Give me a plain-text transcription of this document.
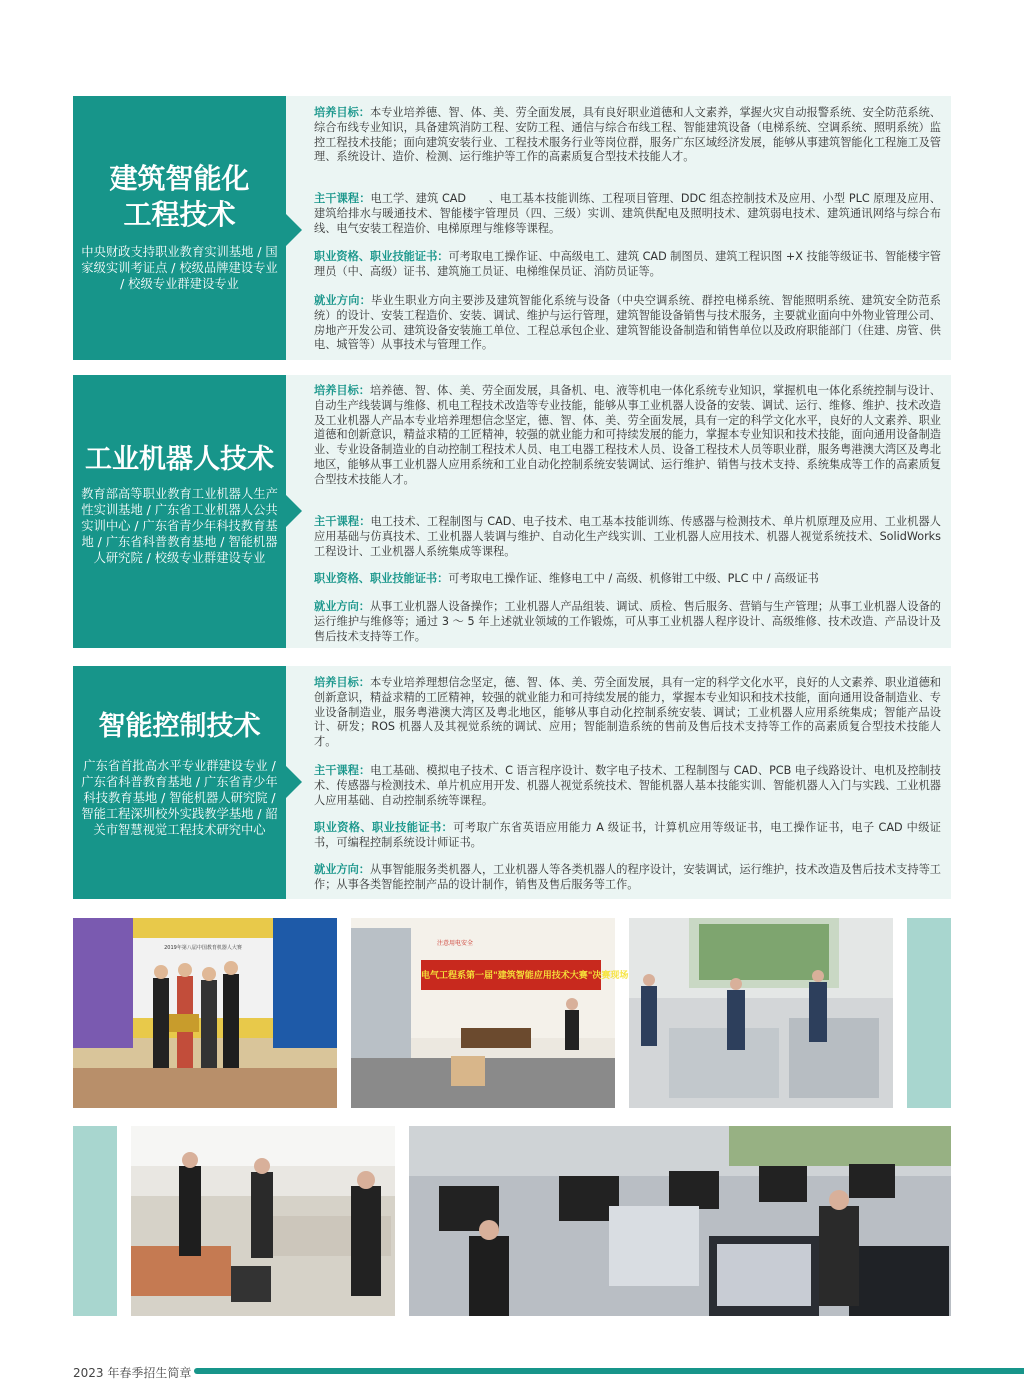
培养目标：本专业培养德、智、体、美、劳全面发展，具有良好职业道德和人文素养，掌握火灾自动报警系统、安全防范系统、综合布线专业知识，具备建筑消防工程、安防工程、通信与综合布线工程、智能建筑设备（电梯系统、空调系统、照明系统）监控工程技术技能；面向建筑安装行业、工程技术服务行业等岗位群，服务广东区域经济发展，能够从事建筑智能化工程施工及管理、系统设计、造价、检测、运行维护等工作的高素质复合型技术技能人才。
主干课程：电工学、建筑 CAD　　、电工基本技能训练、工程项目管理、DDC 组态控制技术及应用、小型 PLC 原理及应用、建筑给排水与暖通技术、智能楼宇管理员（四、三级）实训、建筑供配电及照明技术、建筑弱电技术、建筑通讯网络与综合布线、电气安装工程造价、电梯原理与维修等课程。
职业资格、职业技能证书：可考取电工操作证、中高级电工、建筑 CAD 制图员、建筑工程识图 +X 技能等级证书、智能楼宇管理员（中、高级）证书、建筑施工员证、电梯维保员证、消防员证等。
就业方向：毕业生职业方向主要涉及建筑智能化系统与设备（中央空调系统、群控电梯系统、智能照明系统、建筑安全防范系统）的设计、安装工程造价、安装、调试、维护与运行管理，建筑智能设备销售与技术服务，主要就业面向中外物业管理公司、房地产开发公司、建筑设备安装施工单位、工程总承包企业、建筑智能设备制造和销售单位以及政府职能部门（住建、房管、供电、城管等）从事技术与管理工作。
建筑智能化
工程技术
中央财政支持职业教育实训基地 / 国家级实训考证点 / 校级品牌建设专业 / 校级专业群建设专业
培养目标：培养德、智、体、美、劳全面发展，具备机、电、液等机电一体化系统专业知识，掌握机电一体化系统控制与设计、自动生产线装调与维修、机电工程技术改造等专业技能，能够从事工业机器人设备的安装、调试、运行、维修、维护、技术改造及工业机器人产品本专业培养理想信念坚定，德、智、体、美、劳全面发展，具有一定的科学文化水平，良好的人文素养、职业道德和创新意识，精益求精的工匠精神，较强的就业能力和可持续发展的能力，掌握本专业知识和技术技能，面向通用设备制造业、专业设备制造业的自动控制工程技术人员、电工电器工程技术人员、设备工程技术人员等职业群，服务粤港澳大湾区及粤北地区，能够从事工业机器人应用系统和工业自动化控制系统安装调试、运行维护、销售与技术支持、系统集成等工作的高素质复合型技术技能人才。
主干课程：电工技术、工程制图与 CAD、电子技术、电工基本技能训练、传感器与检测技术、单片机原理及应用、工业机器人应用基础与仿真技术、工业机器人装调与维护、自动化生产线实训、工业机器人应用技术、机器人视觉系统技术、SolidWorks 工程设计、工业机器人系统集成等课程。
职业资格、职业技能证书：可考取电工操作证、维修电工中 / 高级、机修钳工中级、PLC 中 / 高级证书
就业方向：从事工业机器人设备操作；工业机器人产品组装、调试、质检、售后服务、营销与生产管理；从事工业机器人设备的运行维护与维修等；通过 3 ～ 5 年上述就业领域的工作锻炼，可从事工业机器人程序设计、高级维修、技术改造、产品设计及售后技术支持等工作。
工业机器人技术
教育部高等职业教育工业机器人生产性实训基地 / 广东省工业机器人公共实训中心 / 广东省青少年科技教育基地 / 广东省科普教育基地 / 智能机器人研究院 / 校级专业群建设专业
培养目标：本专业培养理想信念坚定，德、智、体、美、劳全面发展，具有一定的科学文化水平，良好的人文素养、职业道德和创新意识，精益求精的工匠精神，较强的就业能力和可持续发展的能力，掌握本专业知识和技术技能，面向通用设备制造业、专业设备制造业，服务粤港澳大湾区及粤北地区，能够从事自动化控制系统安装、调试；工业机器人应用系统集成；智能产品设计、研发；ROS 机器人及其视觉系统的调试、应用；智能制造系统的售前及售后技术支持等工作的高素质复合型技术技能人才。
主干课程：电工基础、模拟电子技术、C 语言程序设计、数字电子技术、工程制图与 CAD、PCB 电子线路设计、电机及控制技术、传感器与检测技术、单片机应用开发、机器人视觉系统技术、智能机器人基本技能实训、智能机器人入门与实践、工业机器人应用基础、自动控制系统等课程。
职业资格、职业技能证书：可考取广东省英语应用能力 A 级证书，计算机应用等级证书，电工操作证书，电子 CAD 中级证书，可编程控制系统设计师证书。
就业方向：从事智能服务类机器人，工业机器人等各类机器人的程序设计，安装调试，运行维护，技术改造及售后技术支持等工作；从事各类智能控制产品的设计制作，销售及售后服务等工作。
智能控制技术
广东省首批高水平专业群建设专业 / 广东省科普教育基地 / 广东省青少年科技教育基地 / 智能机器人研究院 / 智能工程深圳校外实践教学基地 / 韶关市智慧视觉工程技术研究中心
2019年第八届中国教育机器人大赛
电气工程系第一届"建筑智能应用技术大赛"决赛现场
注意用电安全
2023 年春季招生简章
